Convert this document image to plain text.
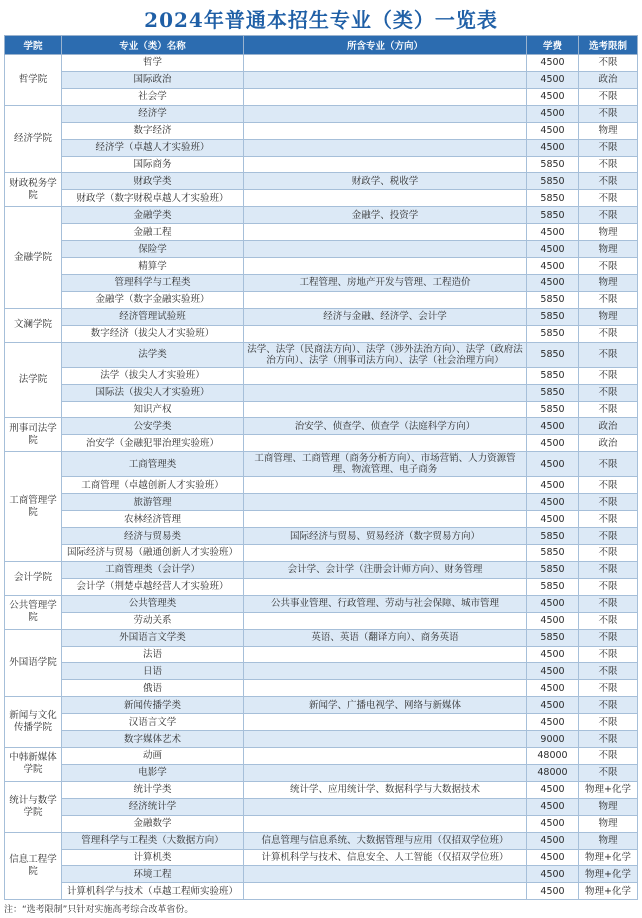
2024年普通本招生专业（类）一览表
学院	专业（类）名称	所含专业（方向）	学费	选考限制
哲学院	哲学		4500	不限
	国际政治		4500	政治
	社会学		4500	不限
经济学院	经济学		4500	不限
	数字经济		4500	物理
	经济学（卓越人才实验班）		4500	不限
	国际商务		5850	不限
财政税务学院	财政学类	财政学、税收学	5850	不限
	财政学（数字财税卓越人才实验班）		5850	不限
金融学院	金融学类	金融学、投资学	5850	不限
	金融工程		4500	物理
	保险学		4500	物理
	精算学		4500	不限
	管理科学与工程类	工程管理、房地产开发与管理、工程造价	4500	物理
	金融学（数字金融实验班）		5850	不限
文澜学院	经济管理试验班	经济与金融、经济学、会计学	5850	物理
	数字经济（拔尖人才实验班）		5850	不限
法学院	法学类	法学、法学（民商法方向）、法学（涉外法治方向）、法学（政府法治方向）、法学（刑事司法方向）、法学（社会治理方向）	5850	不限
	法学（拔尖人才实验班）		5850	不限
	国际法（拔尖人才实验班）		5850	不限
	知识产权		5850	不限
刑事司法学院	公安学类	治安学、侦查学、侦查学（法庭科学方向）	4500	政治
	治安学（金融犯罪治理实验班）		4500	政治
工商管理学院	工商管理类	工商管理、工商管理（商务分析方向）、市场营销、人力资源管理、物流管理、电子商务	4500	不限
	工商管理（卓越创新人才实验班）		4500	不限
	旅游管理		4500	不限
	农林经济管理		4500	不限
	经济与贸易类	国际经济与贸易、贸易经济（数字贸易方向）	5850	不限
	国际经济与贸易（融通创新人才实验班）		5850	不限
会计学院	工商管理类（会计学）	会计学、会计学（注册会计师方向）、财务管理	5850	不限
	会计学（荆楚卓越经营人才实验班）		5850	不限
公共管理学院	公共管理类	公共事业管理、行政管理、劳动与社会保障、城市管理	4500	不限
	劳动关系		4500	不限
外国语学院	外国语言文学类	英语、英语（翻译方向）、商务英语	5850	不限
	法语		4500	不限
	日语		4500	不限
	俄语		4500	不限
新闻与文化传播学院	新闻传播学类	新闻学、广播电视学、网络与新媒体	4500	不限
	汉语言文学		4500	不限
	数字媒体艺术		9000	不限
中韩新媒体学院	动画		48000	不限
	电影学		48000	不限
统计与数学学院	统计学类	统计学、应用统计学、数据科学与大数据技术	4500	物理+化学
	经济统计学		4500	物理
	金融数学		4500	物理
信息工程学院	管理科学与工程类（大数据方向）	信息管理与信息系统、大数据管理与应用（仅招双学位班）	4500	物理
	计算机类	计算机科学与技术、信息安全、人工智能（仅招双学位班）	4500	物理+化学
	环境工程		4500	物理+化学
	计算机科学与技术（卓越工程师实验班）		4500	物理+化学
注：“选考限制”只针对实施高考综合改革省份。
